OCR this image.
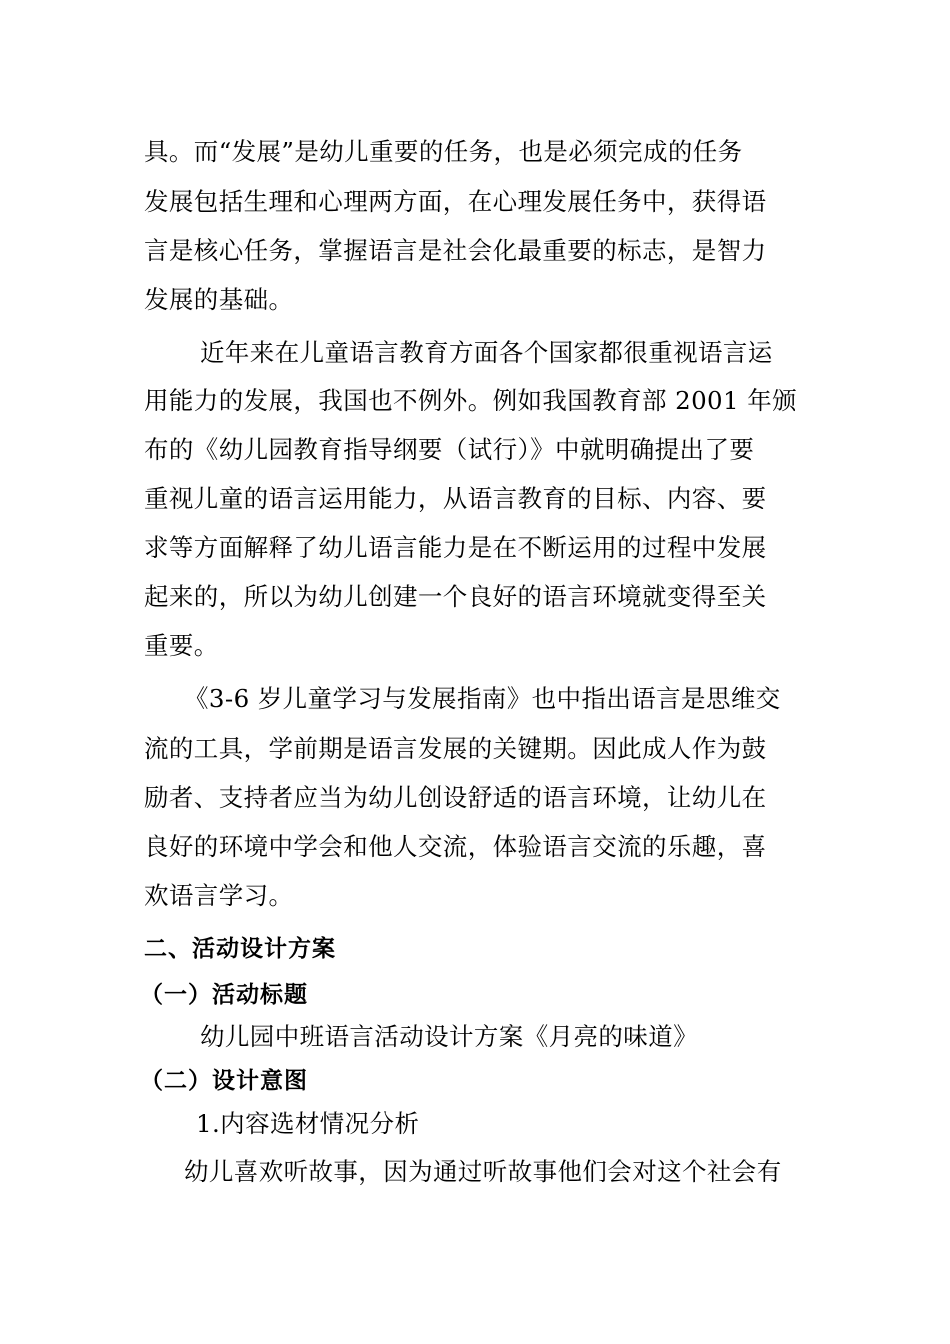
具。而“发展”是幼儿重要的任务，也是必须完成的任务
发展包括生理和心理两方面，在心理发展任务中，获得语
言是核心任务，掌握语言是社会化最重要的标志，是智力
发展的基础。
近年来在儿童语言教育方面各个国家都很重视语言运
用能力的发展，我国也不例外。例如我国教育部 2001 年颁
布的《幼儿园教育指导纲要（试行）》中就明确提出了要
重视儿童的语言运用能力，从语言教育的目标、内容、要
求等方面解释了幼儿语言能力是在不断运用的过程中发展
起来的，所以为幼儿创建一个良好的语言环境就变得至关
重要。
《3-6 岁儿童学习与发展指南》也中指出语言是思维交
流的工具，学前期是语言发展的关键期。因此成人作为鼓
励者、支持者应当为幼儿创设舒适的语言环境，让幼儿在
良好的环境中学会和他人交流，体验语言交流的乐趣，喜
欢语言学习。
二、活动设计方案
（一）活动标题
幼儿园中班语言活动设计方案《月亮的味道》
（二）设计意图
1.内容选材情况分析
幼儿喜欢听故事，因为通过听故事他们会对这个社会有
